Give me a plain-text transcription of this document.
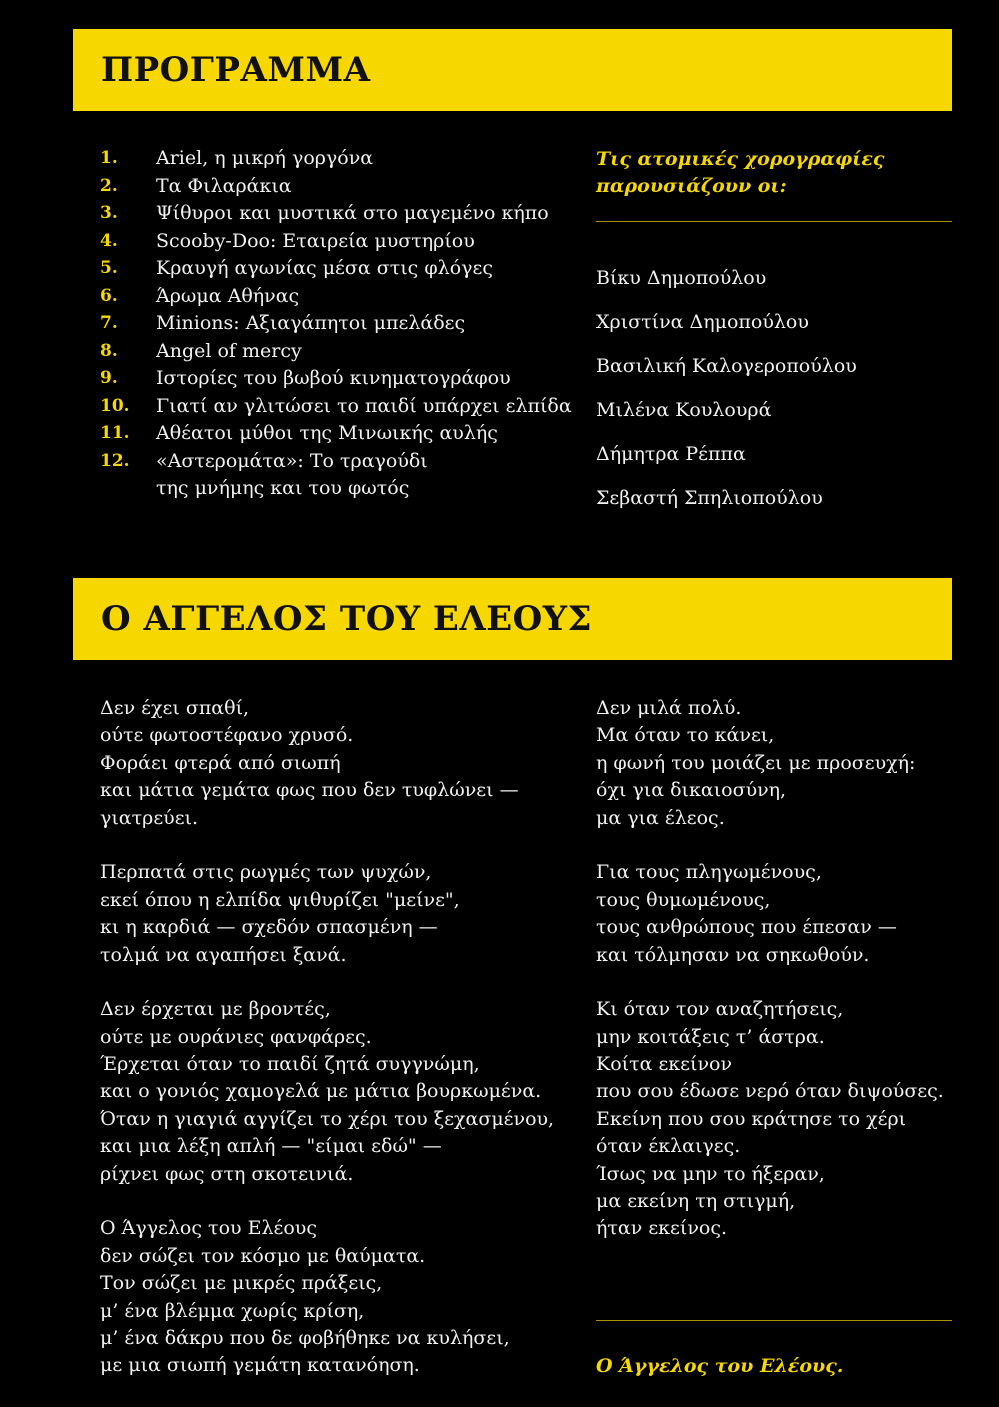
ΠΡΟΓΡΑΜΜΑ
1.	Ariel, η μικρή γοργόνα
2.	Τα Φιλαράκια
3.	Ψίθυροι και μυστικά στο μαγεμένο κήπο
4.	Scooby-Doo: Εταιρεία μυστηρίου
5.	Κραυγή αγωνίας μέσα στις φλόγες
6.	Άρωμα Αθήνας
7.	Minions: Αξιαγάπητοι μπελάδες
8.	Angel of mercy
9.	Ιστορίες του βωβού κινηματογράφου
10.	Γιατί αν γλιτώσει το παιδί υπάρχει ελπίδα
11.	Αθέατοι μύθοι της Μινωικής αυλής
12.	«Αστερομάτα»: Το τραγούδι
της μνήμης και του φωτός
Τις ατομικές χορογραφίες
παρουσιάζουν οι:
Βίκυ Δημοπούλου
Χριστίνα Δημοπούλου
Βασιλική Καλογεροπούλου
Μιλένα Κουλουρά
Δήμητρα Ρέππα
Σεβαστή Σπηλιοπούλου
Ο ΑΓΓΕΛΟΣ ΤΟΥ ΕΛΕΟΥΣ
Δεν έχει σπαθί,
ούτε φωτοστέφανο χρυσό.
Φοράει φτερά από σιωπή
και μάτια γεμάτα φως που δεν τυφλώνει —
γιατρεύει.
Περπατά στις ρωγμές των ψυχών,
εκεί όπου η ελπίδα ψιθυρίζει "μείνε",
κι η καρδιά — σχεδόν σπασμένη —
τολμά να αγαπήσει ξανά.
Δεν έρχεται με βροντές,
ούτε με ουράνιες φανφάρες.
Έρχεται όταν το παιδί ζητά συγγνώμη,
και ο γονιός χαμογελά με μάτια βουρκωμένα.
Όταν η γιαγιά αγγίζει το χέρι του ξεχασμένου,
και μια λέξη απλή — "είμαι εδώ" —
ρίχνει φως στη σκοτεινιά.
Ο Άγγελος του Ελέους
δεν σώζει τον κόσμο με θαύματα.
Τον σώζει με μικρές πράξεις,
μ’ ένα βλέμμα χωρίς κρίση,
μ’ ένα δάκρυ που δε φοβήθηκε να κυλήσει,
με μια σιωπή γεμάτη κατανόηση.
Δεν μιλά πολύ.
Μα όταν το κάνει,
η φωνή του μοιάζει με προσευχή:
όχι για δικαιοσύνη,
μα για έλεος.
Για τους πληγωμένους,
τους θυμωμένους,
τους ανθρώπους που έπεσαν —
και τόλμησαν να σηκωθούν.
Κι όταν τον αναζητήσεις,
μην κοιτάξεις τ’ άστρα.
Κοίτα εκείνον
που σου έδωσε νερό όταν διψούσες.
Εκείνη που σου κράτησε το χέρι
όταν έκλαιγες.
Ίσως να μην το ήξεραν,
μα εκείνη τη στιγμή,
ήταν εκείνος.
Ο Άγγελος του Ελέους.
